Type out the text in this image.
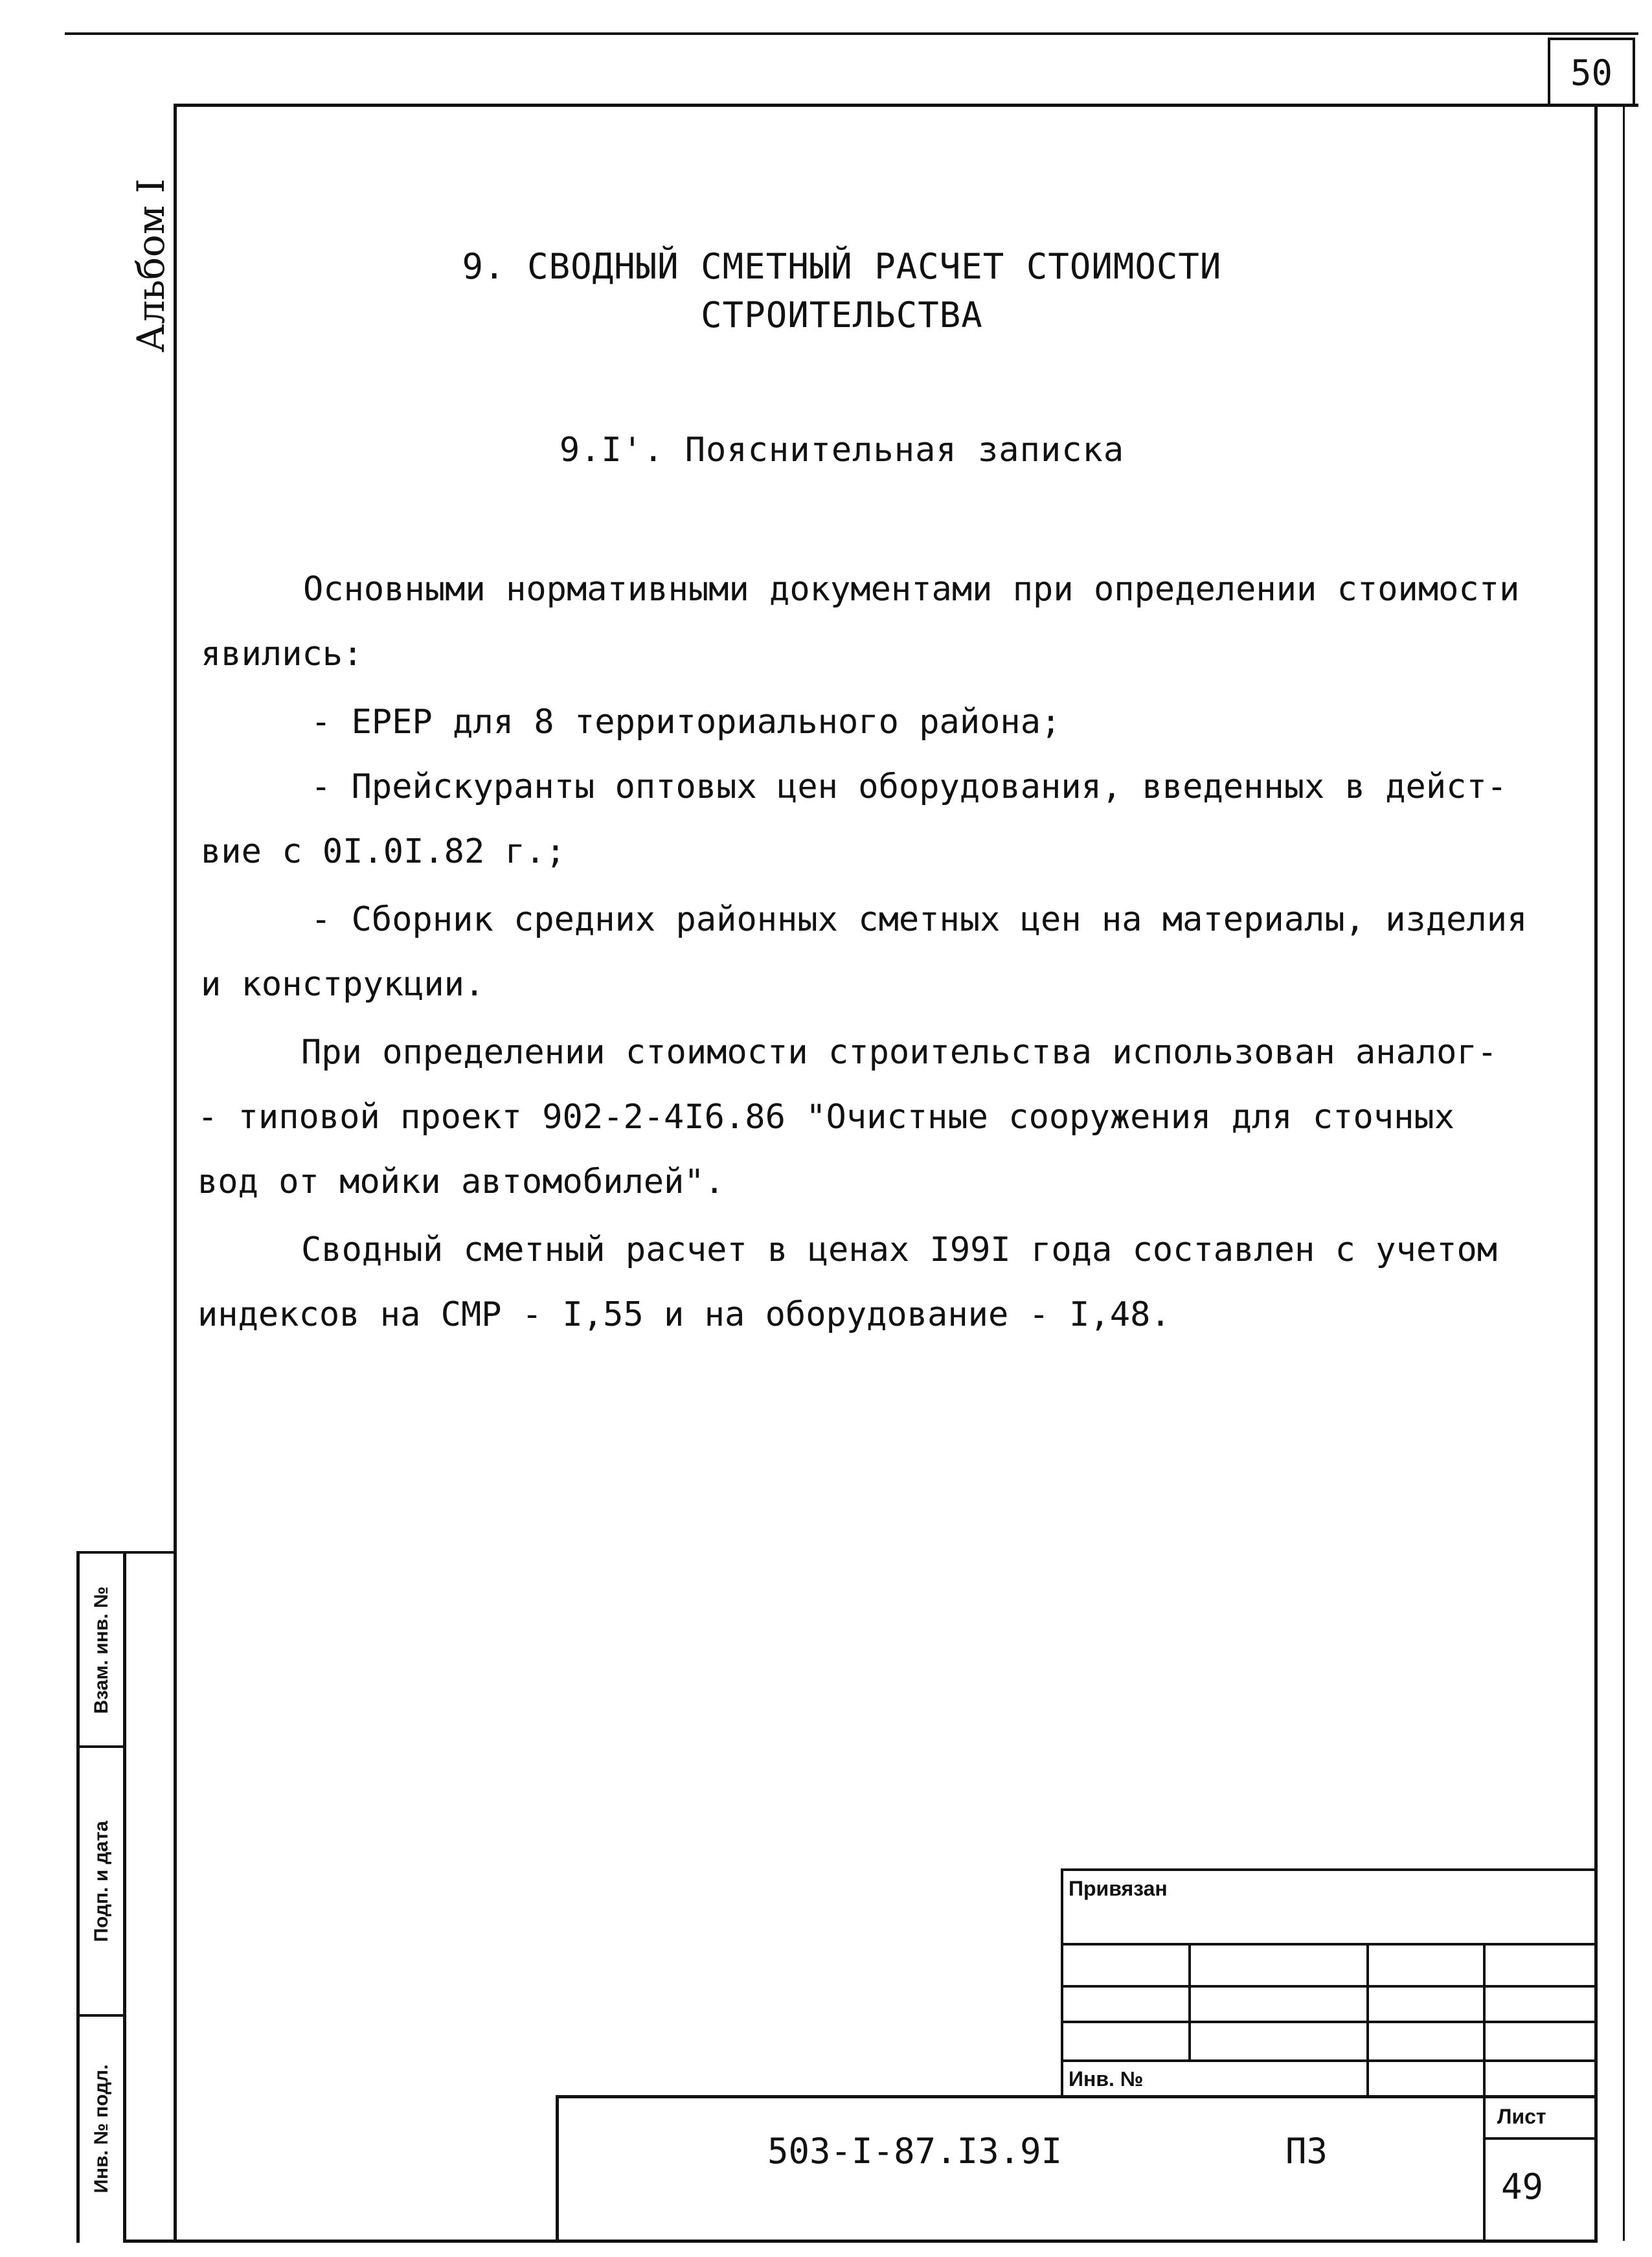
50
Альбом I	9. СВОДНЫЙ СМЕТНЫЙ РАСЧЕТ СТОИМОСТИ
СТРОИТЕЛЬСТВА
9.I'. Пояснительная записка
Основными нормативными документами при определении стоимости
явились:
- ЕРЕР для 8 территориального района;
- Прейскуранты оптовых цен оборудования, введенных в дейст-
вие с 0I.0I.82 г.;
- Сборник средних районных сметных цен на материалы, изделия
и конструкции.
При определении стоимости строительства использован аналог-
- типовой проект 902-2-4I6.86 "Очистные сооружения для сточных
вод от мойки автомобилей".
Сводный сметный расчет в ценах I99I года составлен с учетом
индексов на СМР - I,55 и на оборудование - I,48.
Взам. инв. №
Подп. и дата
Инв. № подл.
Привязан
Инв. №
503-I-87.I3.9I	ПЗ
Лист
49
